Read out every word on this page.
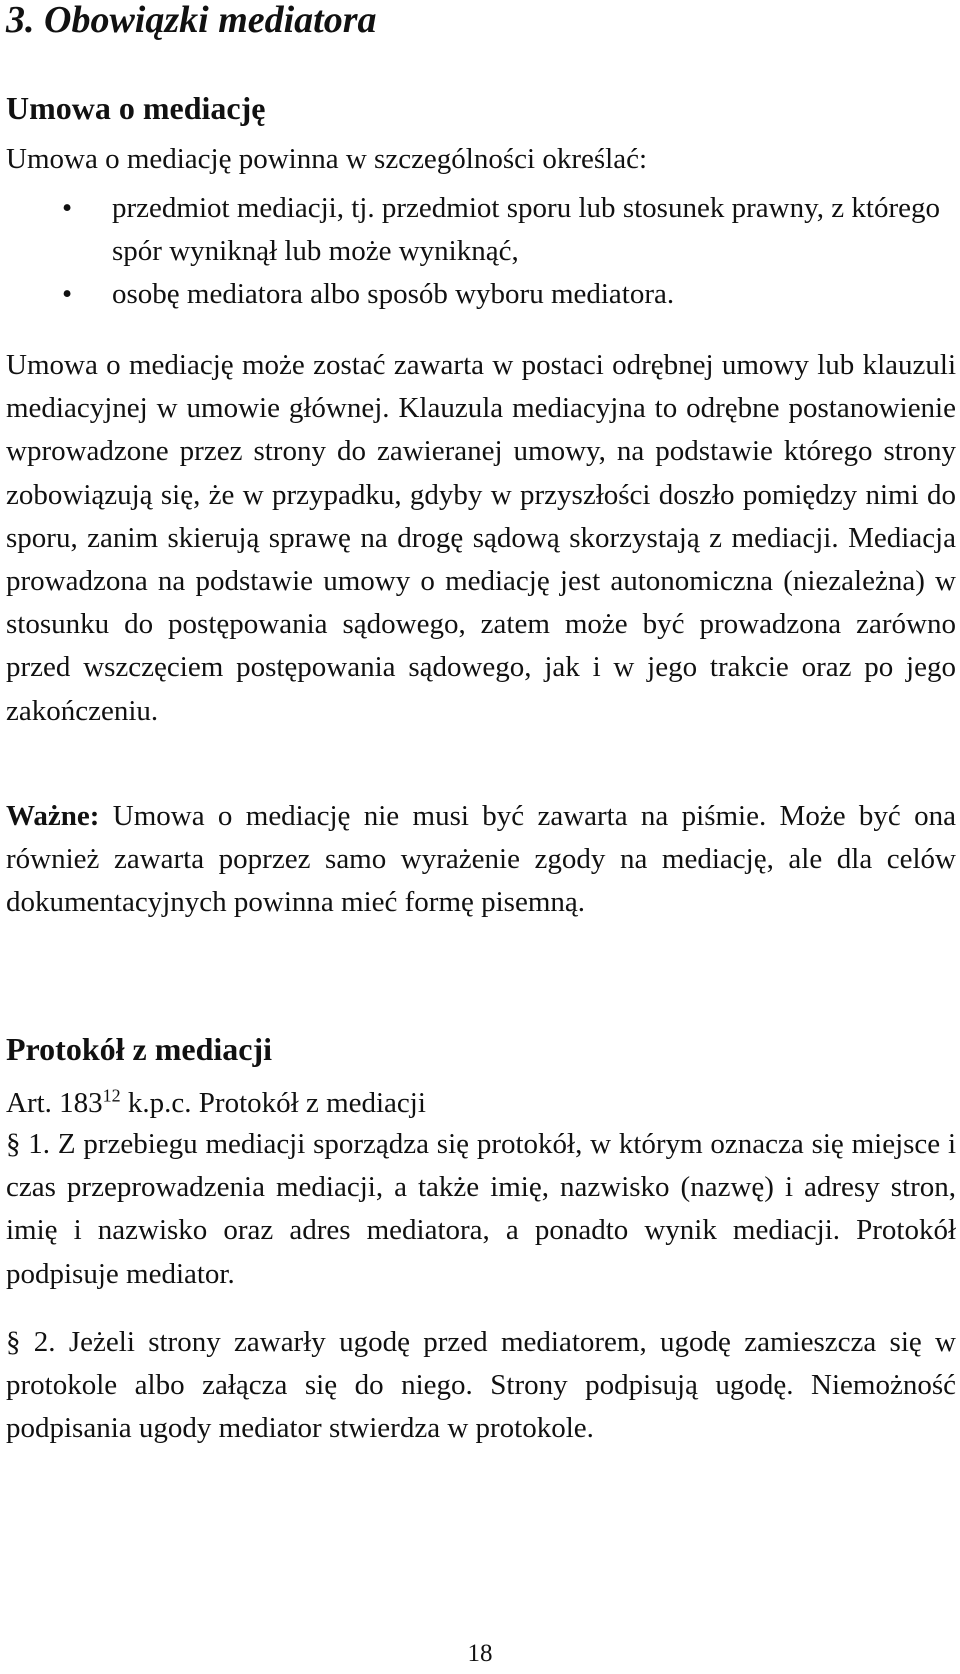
3. Obowiązki mediatora
Umowa o mediację

Umowa o mediację powinna w szczególności określać:

• przedmiot mediacji, tj. przedmiot sporu lub stosunek prawny, z którego spór wyniknął lub może wyniknąć,
• osobę mediatora albo sposób wyboru mediatora.

Umowa o mediację może zostać zawarta w postaci odrębnej umowy lub klauzuli mediacyjnej w umowie głównej. Klauzula mediacyjna to odrębne postanowienie wprowadzone przez strony do zawieranej umowy, na podstawie którego strony zobowiązują się, że w przypadku, gdyby w przyszłości doszło pomiędzy nimi do sporu, zanim skierują sprawę na drogę sądową skorzystają z mediacji. Mediacja prowadzona na podstawie umowy o mediację jest autonomiczna (niezależna) w stosunku do postępowania sądowego, zatem może być prowadzona zarówno przed wszczęciem postępowania sądowego, jak i w jego trakcie oraz po jego zakończeniu.

Ważne: Umowa o mediację nie musi być zawarta na piśmie. Może być ona również zawarta poprzez samo wyrażenie zgody na mediację, ale dla celów dokumentacyjnych powinna mieć formę pisemną.

Protokół z mediacji
Art. $183^{12}$ k.p.c. Protokół z mediacji

§ 1. Z przebiegu mediacji sporządza się protokół, w którym oznacza się miejsce i czas przeprowadzenia mediacji, a także imię, nazwisko (nazwę) i adresy stron, imię i nazwisko oraz adres mediatora, a ponadto wynik mediacji. Protokół podpisuje mediator.

§ 2. Jeżeli strony zawarły ugodę przed mediatorem, ugodę zamieszcza się w protokole albo załącza się do niego. Strony podpisują ugodę. Niemożność podpisania ugody mediator stwierdza w protokole.

18
